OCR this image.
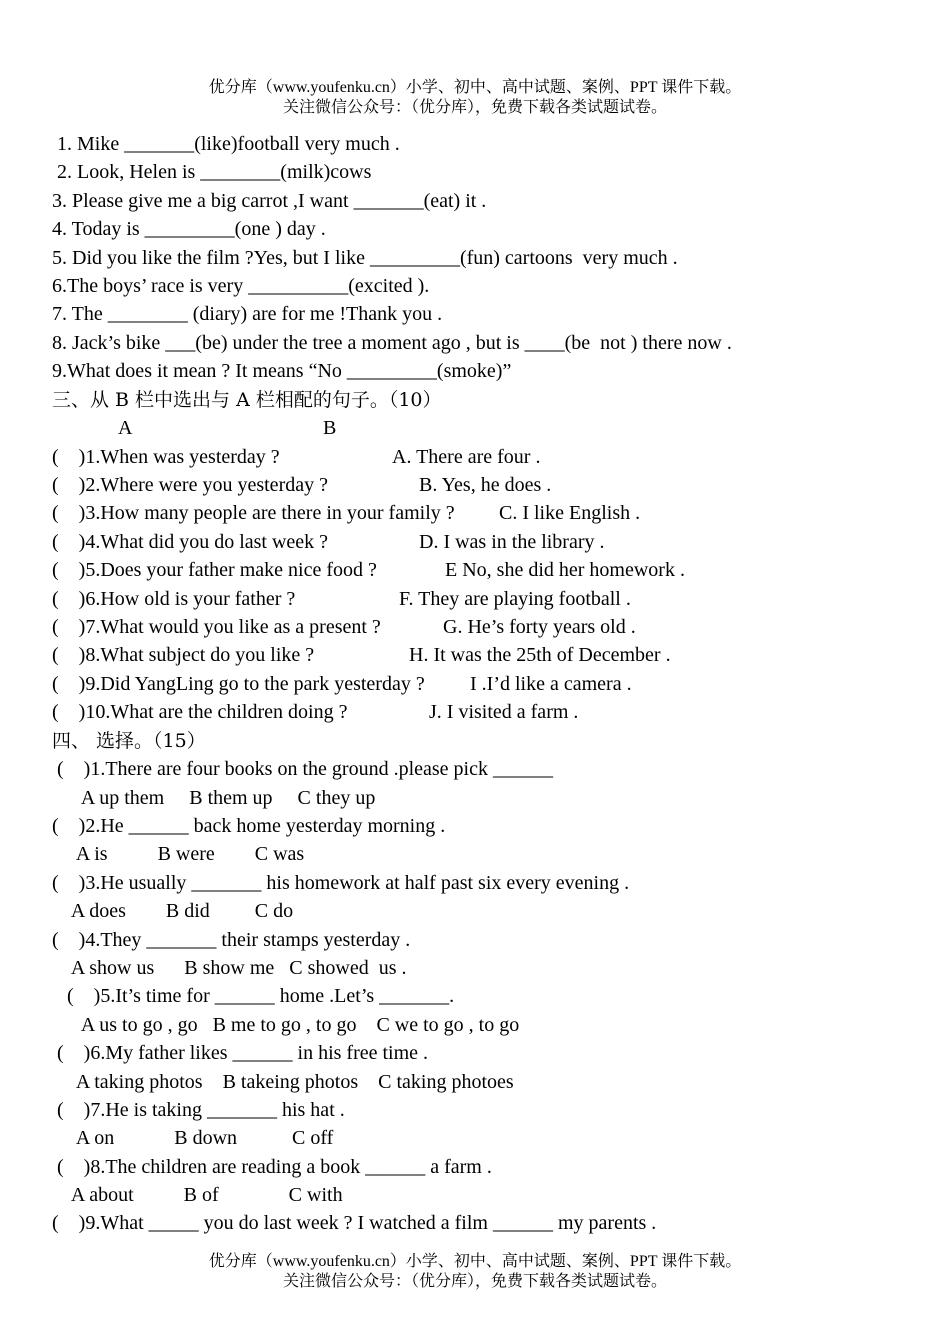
优分库（www.youfenku.cn）小学、初中、高中试题、案例、PPT 课件下载。
关注微信公众号：（优分库），免费下载各类试题试卷。
1. Mike _______(like)football very much .
2. Look, Helen is ________(milk)cows
3. Please give me a big carrot ,I want _______(eat) it .
4. Today is _________(one ) day .
5. Did you like the film ?Yes, but I like _________(fun) cartoons  very much .
6.The boys’ race is very __________(excited ).
7. The ________ (diary) are for me !Thank you .
8. Jack’s bike ___(be) under the tree a moment ago , but is ____(be  not ) there now .
9.What does it mean ? It means “No _________(smoke)”
三、从 B 栏中选出与 A 栏相配的句子。（10）
A	B
(    )1.When was yesterday ?	A. There are four .
(    )2.Where were you yesterday ?	B. Yes, he does .
(    )3.How many people are there in your family ? C. I like English .
(    )4.What did you do last week ?	D. I was in the library .
(    )5.Does your father make nice food ?	E No, she did her homework .
(    )6.How old is your father ?	F. They are playing football .
(    )7.What would you like as a present ?	G. He’s forty years old .
(    )8.What subject do you like ?	H. It was the 25th of December .
(    )9.Did YangLing go to the park yesterday ? I .I’d like a camera .
(    )10.What are the children doing ?	J. I visited a farm .
四、 选择。（15）
(    )1.There are four books on the ground .please pick ______
A up them     B them up     C they up
(    )2.He ______ back home yesterday morning .
A is          B were        C was
(    )3.He usually _______ his homework at half past six every evening .
A does        B did         C do
(    )4.They _______ their stamps yesterday .
A show us      B show me   C showed  us .
(    )5.It’s time for ______ home .Let’s _______.
A us to go , go   B me to go , to go    C we to go , to go
(    )6.My father likes ______ in his free time .
A taking photos    B takeing photos    C taking photoes
(    )7.He is taking _______ his hat .
A on            B down           C off
(    )8.The children are reading a book ______ a farm .
A about          B of              C with
(    )9.What _____ you do last week ? I watched a film ______ my parents .
优分库（www.youfenku.cn）小学、初中、高中试题、案例、PPT 课件下载。
关注微信公众号：（优分库），免费下载各类试题试卷。
